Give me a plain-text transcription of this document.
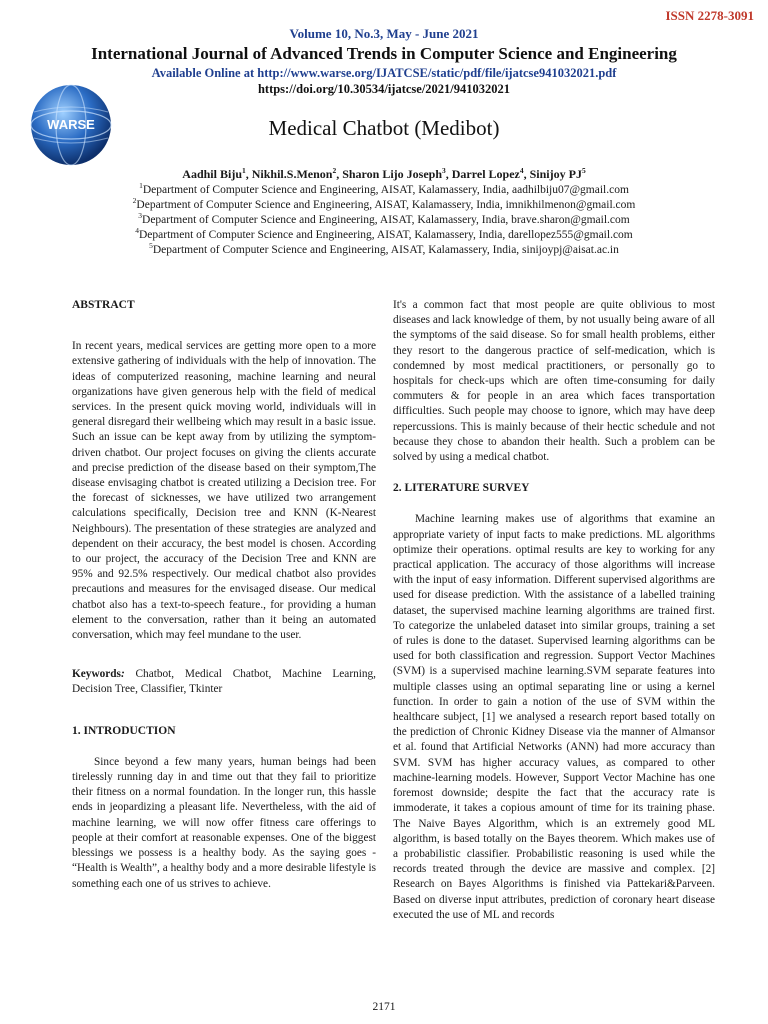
ISSN 2278-3091
Volume 10, No.3, May - June 2021
International Journal of Advanced Trends in Computer Science and Engineering
Available Online at http://www.warse.org/IJATCSE/static/pdf/file/ijatcse941032021.pdf
https://doi.org/10.30534/ijatcse/2021/941032021
WARSE	Medical Chatbot (Medibot)
Aadhil Biju$^1$, Nikhil.S.Menon$^2$, Sharon Lijo Joseph$^3$, Darrel Lopez$^4$, Sinijoy $PJ^5$
$^1$Department of Computer Science and Engineering, AISAT, Kalamassery, India, aadhilbiju07@gmail.com
$^2$Department of Computer Science and Engineering, AISAT, Kalamassery, India, imnikhilmenon@gmail.com
$^3$Department of Computer Science and Engineering, AISAT, Kalamassery, India, brave.sharon@gmail.com
$^4$Department of Computer Science and Engineering, AISAT, Kalamassery, India, darellopez555@gmail.com
$^5$Department of Computer Science and Engineering, AISAT, Kalamassery, India, sinijoypj@aisat.ac.in

ABSTRACT

In recent years, medical services are getting more open to a more extensive gathering of individuals with the help of innovation. The ideas of computerized reasoning, machine learning and neural organizations have given generous help with the field of medical services. In the present quick moving world, individuals will in general disregard their wellbeing which may result in a basic issue. Such an issue can be kept away from by utilizing the symptom-driven chatbot. Our project focuses on giving the clients accurate and precise prediction of the disease based on their symptom,The disease envisaging chatbot is created utilizing a Decision tree. For the forecast of sicknesses, we have utilized two arrangement calculations specifically, Decision tree and KNN (K-Nearest Neighbours). The presentation of these strategies are analyzed and dependent on their accuracy, the best model is chosen. According to our project, the accuracy of the Decision Tree and KNN are 95% and 92.5% respectively. Our medical chatbot also provides precautions and measures for the envisaged disease. Our medical chatbot also has a text-to-speech feature., for providing a human element to the conversation, rather than it being an automated conversation, which may feel mundane to the user.

Keywords: Chatbot, Medical Chatbot, Machine Learning, Decision Tree, Classifier, Tkinter

1. INTRODUCTION

Since beyond a few many years, human beings had been tirelessly running day in and time out that they fail to prioritize their fitness on a normal foundation. In the longer run, this hassle ends in jeopardizing a pleasant life. Nevertheless, with the aid of machine learning, we will now offer fitness care offerings to people at their comfort at reasonable expenses. One of the biggest blessings we possess is a healthy body. As the saying goes - “Health is Wealth”, a healthy body and a more desirable lifestyle is something each one of us strives to achieve.

It's a common fact that most people are quite oblivious to most diseases and lack knowledge of them, by not usually being aware of all the symptoms of the said disease. So for small health problems, either they resort to the dangerous practice of self-medication, which is condemned by most medical practitioners, or personally go to hospitals for check-ups which are often time-consuming for daily commuters & for people in an area which faces transportation difficulties. Such people may choose to ignore, which may have deep repercussions. This is mainly because of their hectic schedule and not because they chose to abandon their health. Such a problem can be solved by using a medical chatbot.

2. LITERATURE SURVEY

Machine learning makes use of algorithms that examine an appropriate variety of input facts to make predictions. ML algorithms optimize their operations. optimal results are key to working for any practical application. The accuracy of those algorithms will increase with the input of easy information. Different supervised algorithms are used for disease prediction. With the assistance of a labelled training dataset, the supervised machine learning algorithms are trained first. To categorize the unlabeled dataset into similar groups, training a set of rules is done to the dataset. Supervised learning algorithms can be used for both classification and regression. Support Vector Machines (SVM) is a supervised machine learning.SVM separate features into multiple classes using an optimal separating line or using a kernel function. In order to gain a notion of the use of SVM within the healthcare subject, [1] we analysed a research report based totally on the prediction of Chronic Kidney Disease via the manner of Almansor et al. found that Artificial Networks (ANN) had more accuracy than SVM. SVM has higher accuracy values, as compared to other machine-learning models. However, Support Vector Machine has one foremost downside; despite the fact that the accuracy rate is immoderate, it takes a copious amount of time for its training phase. The Naive Bayes Algorithm, which is an extremely good ML algorithm, is based totally on the Bayes theorem. Which makes use of a probabilistic classifier. Probabilistic reasoning is used while the records treated through the device are massive and complex. [2] Research on Bayes Algorithms is finished via Pattekari&Parveen. Based on diverse input attributes, prediction of coronary heart disease executed the use of ML and records

2171
